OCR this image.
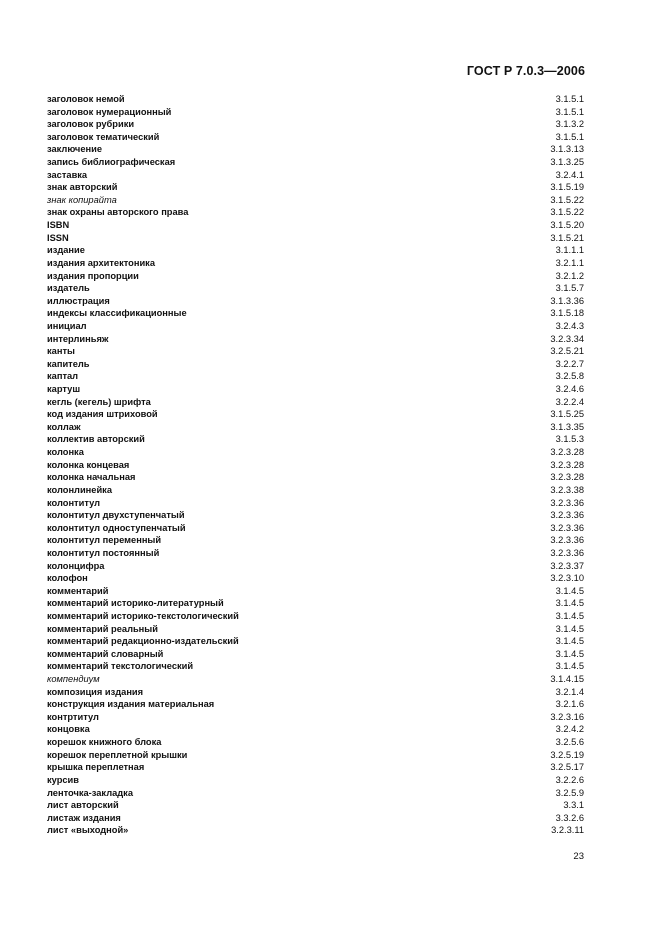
ГОСТ Р 7.0.3—2006
заголовок немой	3.1.5.1
заголовок нумерационный	3.1.5.1
заголовок рубрики	3.1.3.2
заголовок тематический	3.1.5.1
заключение	3.1.3.13
запись библиографическая	3.1.3.25
заставка	3.2.4.1
знак авторский	3.1.5.19
знак копирайта	3.1.5.22
знак охраны авторского права	3.1.5.22
ISBN	3.1.5.20
ISSN	3.1.5.21
издание	3.1.1.1
издания архитектоника	3.2.1.1
издания пропорции	3.2.1.2
издатель	3.1.5.7
иллюстрация	3.1.3.36
индексы классификационные	3.1.5.18
инициал	3.2.4.3
интерлиньяж	3.2.3.34
канты	3.2.5.21
капитель	3.2.2.7
каптал	3.2.5.8
картуш	3.2.4.6
кегль (кегель) шрифта	3.2.2.4
код издания штриховой	3.1.5.25
коллаж	3.1.3.35
коллектив авторский	3.1.5.3
колонка	3.2.3.28
колонка концевая	3.2.3.28
колонка начальная	3.2.3.28
колонлинейка	3.2.3.38
колонтитул	3.2.3.36
колонтитул двухступенчатый	3.2.3.36
колонтитул одноступенчатый	3.2.3.36
колонтитул переменный	3.2.3.36
колонтитул постоянный	3.2.3.36
колонцифра	3.2.3.37
колофон	3.2.3.10
комментарий	3.1.4.5
комментарий историко-литературный	3.1.4.5
комментарий историко-текстологический	3.1.4.5
комментарий реальный	3.1.4.5
комментарий редакционно-издательский	3.1.4.5
комментарий словарный	3.1.4.5
комментарий текстологический	3.1.4.5
компендиум	3.1.4.15
композиция издания	3.2.1.4
конструкция издания материальная	3.2.1.6
контртитул	3.2.3.16
концовка	3.2.4.2
корешок книжного блока	3.2.5.6
корешок переплетной крышки	3.2.5.19
крышка переплетная	3.2.5.17
курсив	3.2.2.6
ленточка-закладка	3.2.5.9
лист авторский	3.3.1
листаж издания	3.3.2.6
лист «выходной»	3.2.3.11
23
